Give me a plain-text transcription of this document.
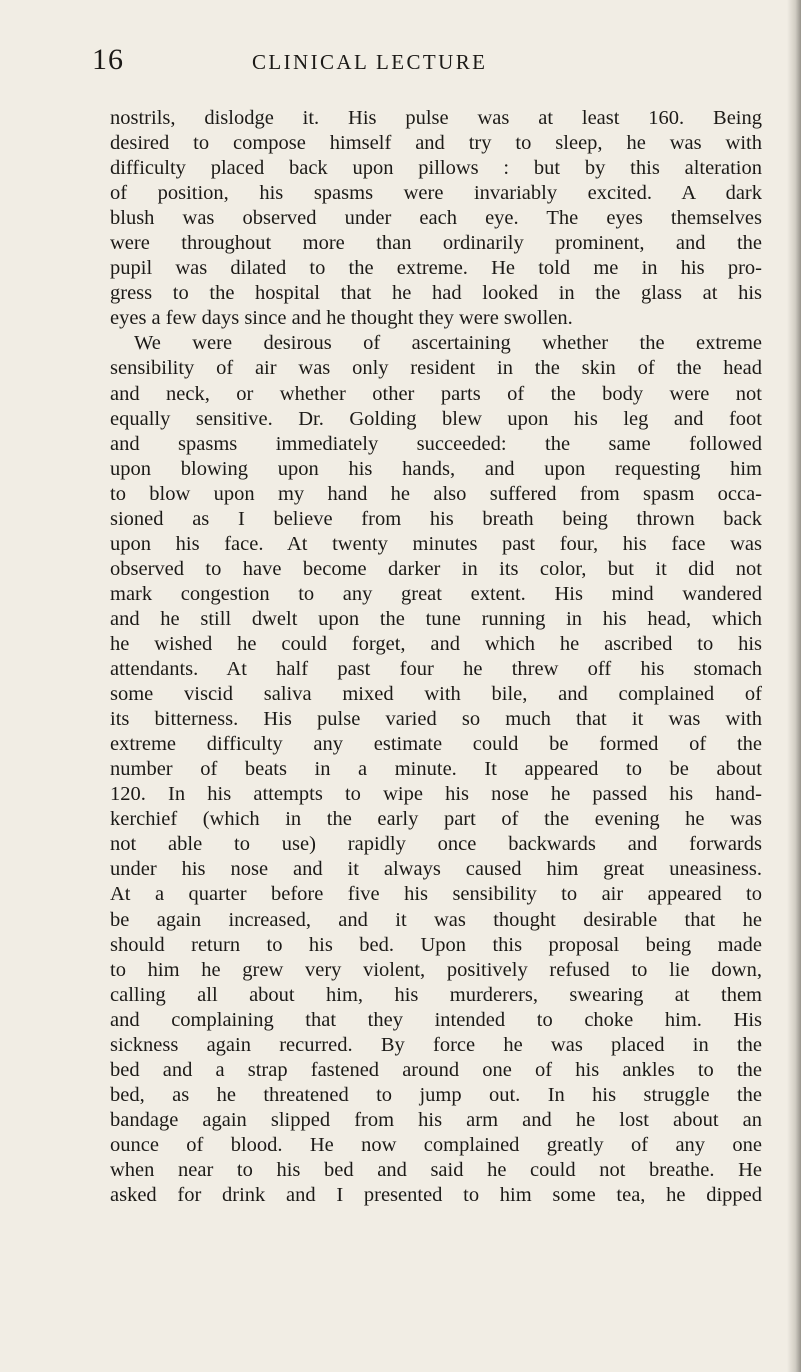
16	CLINICAL LECTURE
nostrils, dislodge it. His pulse was at least 160. Being
desired to compose himself and try to sleep, he was with
difficulty placed back upon pillows : but by this alteration
of position, his spasms were invariably excited. A dark
blush was observed under each eye. The eyes themselves
were throughout more than ordinarily prominent, and the
pupil was dilated to the extreme. He told me in his pro-
gress to the hospital that he had looked in the glass at his
eyes a few days since and he thought they were swollen.
We were desirous of ascertaining whether the extreme
sensibility of air was only resident in the skin of the head
and neck, or whether other parts of the body were not
equally sensitive. Dr. Golding blew upon his leg and foot
and spasms immediately succeeded: the same followed
upon blowing upon his hands, and upon requesting him
to blow upon my hand he also suffered from spasm occa-
sioned as I believe from his breath being thrown back
upon his face. At twenty minutes past four, his face was
observed to have become darker in its color, but it did not
mark congestion to any great extent. His mind wandered
and he still dwelt upon the tune running in his head, which
he wished he could forget, and which he ascribed to his
attendants. At half past four he threw off his stomach
some viscid saliva mixed with bile, and complained of
its bitterness. His pulse varied so much that it was with
extreme difficulty any estimate could be formed of the
number of beats in a minute. It appeared to be about
120. In his attempts to wipe his nose he passed his hand-
kerchief (which in the early part of the evening he was
not able to use) rapidly once backwards and forwards
under his nose and it always caused him great uneasiness.
At a quarter before five his sensibility to air appeared to
be again increased, and it was thought desirable that he
should return to his bed. Upon this proposal being made
to him he grew very violent, positively refused to lie down,
calling all about him, his murderers, swearing at them
and complaining that they intended to choke him. His
sickness again recurred. By force he was placed in the
bed and a strap fastened around one of his ankles to the
bed, as he threatened to jump out. In his struggle the
bandage again slipped from his arm and he lost about an
ounce of blood. He now complained greatly of any one
when near to his bed and said he could not breathe. He
asked for drink and I presented to him some tea, he dipped
